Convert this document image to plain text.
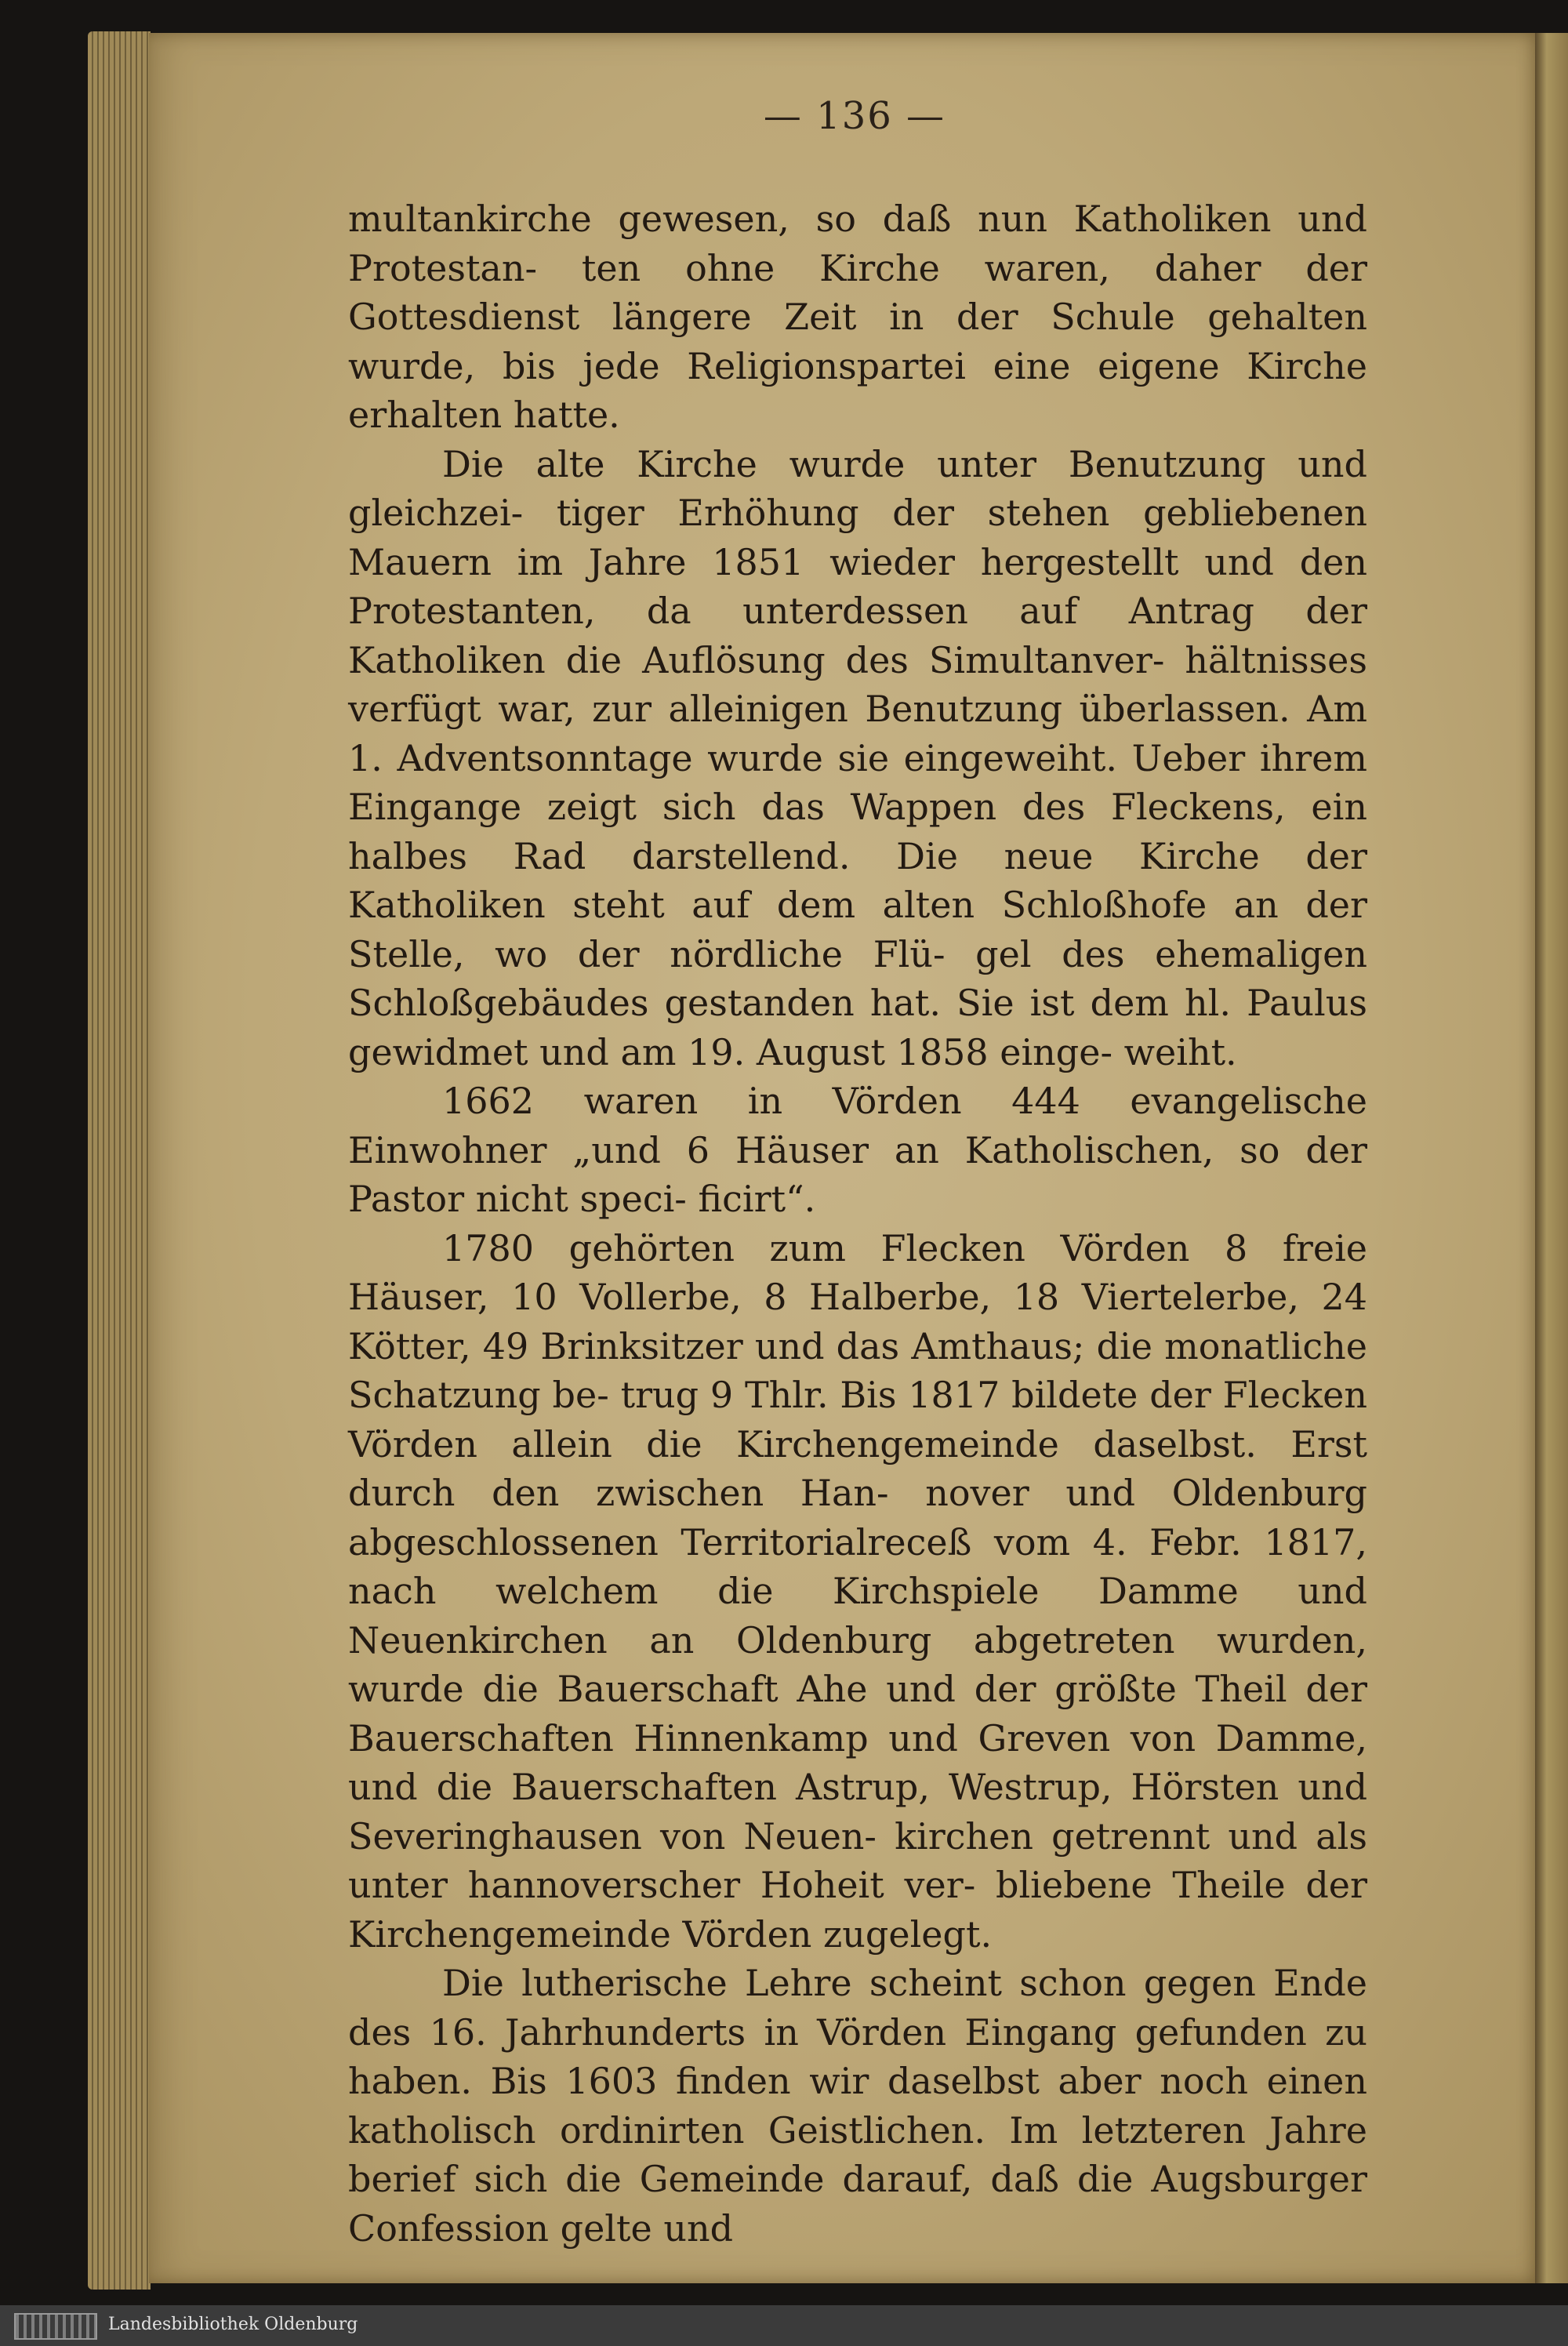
— 136 —

multankirche gewesen, so daß nun Katholiken und Protestan- ten ohne Kirche waren, daher der Gottesdienst längere Zeit in der Schule gehalten wurde, bis jede Religionspartei eine eigene Kirche erhalten hatte.

Die alte Kirche wurde unter Benutzung und gleichzei- tiger Erhöhung der stehen gebliebenen Mauern im Jahre 1851 wieder hergestellt und den Protestanten, da unterdessen auf Antrag der Katholiken die Auflösung des Simultanver- hältnisses verfügt war, zur alleinigen Benutzung überlassen. Am 1. Adventsonntage wurde sie eingeweiht. Ueber ihrem Eingange zeigt sich das Wappen des Fleckens, ein halbes Rad darstellend. Die neue Kirche der Katholiken steht auf dem alten Schloßhofe an der Stelle, wo der nördliche Flü- gel des ehemaligen Schloßgebäudes gestanden hat. Sie ist dem hl. Paulus gewidmet und am 19. August 1858 einge- weiht.

1662 waren in Vörden 444 evangelische Einwohner „und 6 Häuser an Katholischen, so der Pastor nicht speci- ficirt“.

1780 gehörten zum Flecken Vörden 8 freie Häuser, 10 Vollerbe, 8 Halberbe, 18 Viertelerbe, 24 Kötter, 49 Brinksitzer und das Amthaus; die monatliche Schatzung be- trug 9 Thlr. Bis 1817 bildete der Flecken Vörden allein die Kirchengemeinde daselbst. Erst durch den zwischen Han- nover und Oldenburg abgeschlossenen Territorialreceß vom 4. Febr. 1817, nach welchem die Kirchspiele Damme und Neuenkirchen an Oldenburg abgetreten wurden, wurde die Bauerschaft Ahe und der größte Theil der Bauerschaften Hinnenkamp und Greven von Damme, und die Bauerschaften Astrup, Westrup, Hörsten und Severinghausen von Neuen- kirchen getrennt und als unter hannoverscher Hoheit ver- bliebene Theile der Kirchengemeinde Vörden zugelegt.

Die lutherische Lehre scheint schon gegen Ende des 16. Jahrhunderts in Vörden Eingang gefunden zu haben. Bis 1603 finden wir daselbst aber noch einen katholisch ordinirten Geistlichen. Im letzteren Jahre berief sich die Gemeinde darauf, daß die Augsburger Confession gelte und

Landesbibliothek Oldenburg
